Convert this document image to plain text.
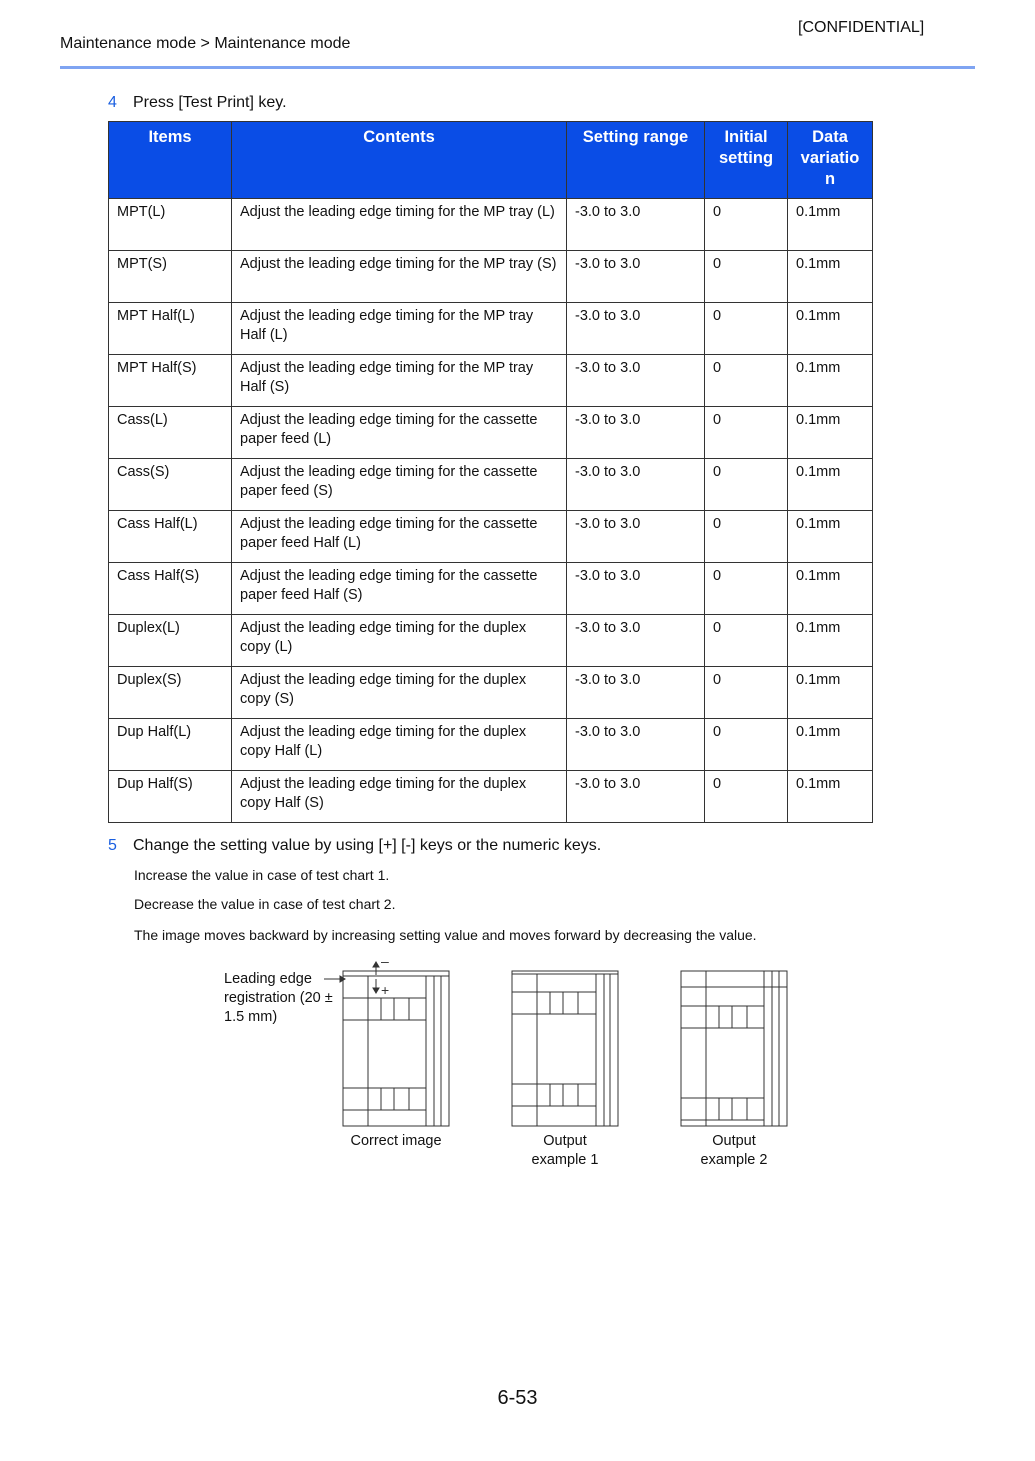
[CONFIDENTIAL]
Maintenance mode > Maintenance mode
4 Press [Test Print] key.
Items	Contents	Setting range	Initial setting	Data variatio n
MPT(L)	Adjust the leading edge timing for the MP tray (L)	-3.0 to 3.0	0	0.1mm
MPT(S)	Adjust the leading edge timing for the MP tray (S)	-3.0 to 3.0	0	0.1mm
MPT Half(L)	Adjust the leading edge timing for the MP tray Half (L)	-3.0 to 3.0	0	0.1mm
MPT Half(S)	Adjust the leading edge timing for the MP tray Half (S)	-3.0 to 3.0	0	0.1mm
Cass(L)	Adjust the leading edge timing for the cassette paper feed (L)	-3.0 to 3.0	0	0.1mm
Cass(S)	Adjust the leading edge timing for the cassette paper feed (S)	-3.0 to 3.0	0	0.1mm
Cass Half(L)	Adjust the leading edge timing for the cassette paper feed Half (L)	-3.0 to 3.0	0	0.1mm
Cass Half(S)	Adjust the leading edge timing for the cassette paper feed Half (S)	-3.0 to 3.0	0	0.1mm
Duplex(L)	Adjust the leading edge timing for the duplex copy (L)	-3.0 to 3.0	0	0.1mm
Duplex(S)	Adjust the leading edge timing for the duplex copy (S)	-3.0 to 3.0	0	0.1mm
Dup Half(L)	Adjust the leading edge timing for the duplex copy Half (L)	-3.0 to 3.0	0	0.1mm
Dup Half(S)	Adjust the leading edge timing for the duplex copy Half (S)	-3.0 to 3.0	0	0.1mm
5 Change the setting value by using [+] [-] keys or the numeric keys.
Increase the value in case of test chart 1.
Decrease the value in case of test chart 2.
The image moves backward by increasing setting value and moves forward by decreasing the value.
Leading edge registration (20 ± 1.5 mm)
–
+
Correct image	Output example 1
Output example 2
6-53
